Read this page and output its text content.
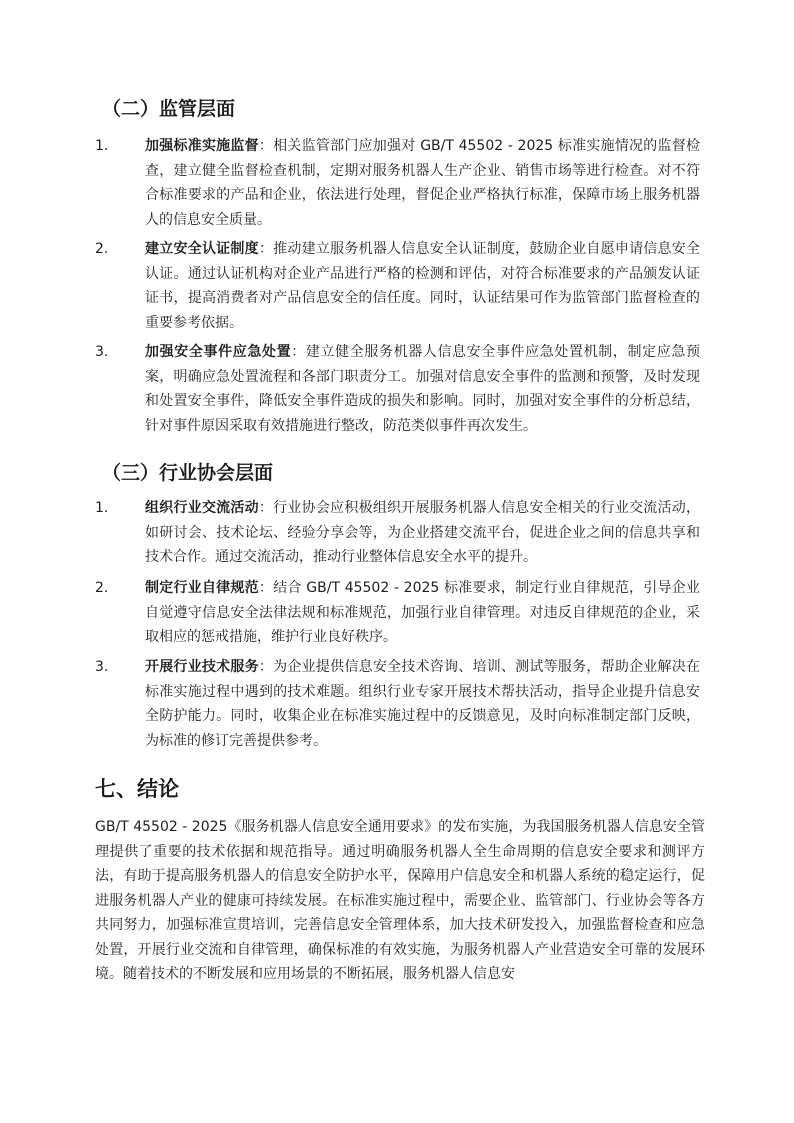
（二）监管层面
1.	加强标准实施监督：相关监管部门应加强对 GB/T 45502 - 2025 标准实施情况的监督检查，建立健全监督检查机制，定期对服务机器人生产企业、销售市场等进行检查。对不符合标准要求的产品和企业，依法进行处理，督促企业严格执行标准，保障市场上服务机器人的信息安全质量。
2.	建立安全认证制度：推动建立服务机器人信息安全认证制度，鼓励企业自愿申请信息安全认证。通过认证机构对企业产品进行严格的检测和评估，对符合标准要求的产品颁发认证证书，提高消费者对产品信息安全的信任度。同时，认证结果可作为监管部门监督检查的重要参考依据。
3.	加强安全事件应急处置：建立健全服务机器人信息安全事件应急处置机制，制定应急预案，明确应急处置流程和各部门职责分工。加强对信息安全事件的监测和预警，及时发现和处置安全事件，降低安全事件造成的损失和影响。同时，加强对安全事件的分析总结，针对事件原因采取有效措施进行整改，防范类似事件再次发生。
（三）行业协会层面
1.	组织行业交流活动：行业协会应积极组织开展服务机器人信息安全相关的行业交流活动，如研讨会、技术论坛、经验分享会等，为企业搭建交流平台，促进企业之间的信息共享和技术合作。通过交流活动，推动行业整体信息安全水平的提升。
2.	制定行业自律规范：结合 GB/T 45502 - 2025 标准要求，制定行业自律规范，引导企业自觉遵守信息安全法律法规和标准规范，加强行业自律管理。对违反自律规范的企业，采取相应的惩戒措施，维护行业良好秩序。
3.	开展行业技术服务：为企业提供信息安全技术咨询、培训、测试等服务，帮助企业解决在标准实施过程中遇到的技术难题。组织行业专家开展技术帮扶活动，指导企业提升信息安全防护能力。同时，收集企业在标准实施过程中的反馈意见，及时向标准制定部门反映，为标准的修订完善提供参考。
七、结论

GB/T 45502 - 2025《服务机器人信息安全通用要求》的发布实施，为我国服务机器人信息安全管理提供了重要的技术依据和规范指导。通过明确服务机器人全生命周期的信息安全要求和测评方法，有助于提高服务机器人的信息安全防护水平，保障用户信息安全和机器人系统的稳定运行，促进服务机器人产业的健康可持续发展。在标准实施过程中，需要企业、监管部门、行业协会等各方共同努力，加强标准宣贯培训，完善信息安全管理体系，加大技术研发投入，加强监督检查和应急处置，开展行业交流和自律管理，确保标准的有效实施，为服务机器人产业营造安全可靠的发展环境。随着技术的不断发展和应用场景的不断拓展，服务机器人信息安
